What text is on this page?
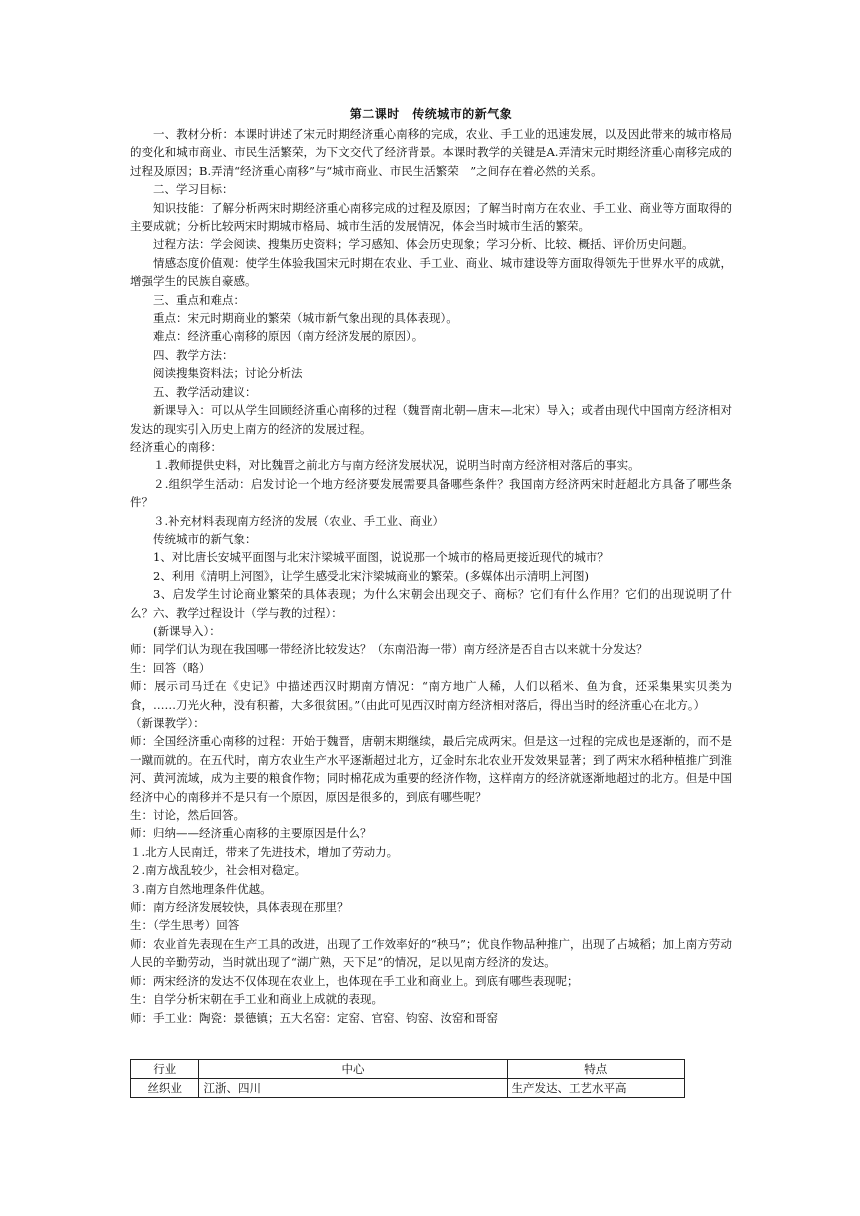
第二课时　传统城市的新气象

一、教材分析：本课时讲述了宋元时期经济重心南移的完成，农业、手工业的迅速发展，以及因此带来的城市格局的变化和城市商业、市民生活繁荣，为下文交代了经济背景。本课时教学的关键是A.弄清宋元时期经济重心南移完成的过程及原因；B.弄清“经济重心南移”与“城市商业、市民生活繁荣　”之间存在着必然的关系。

二、学习目标：

知识技能：了解分析两宋时期经济重心南移完成的过程及原因；了解当时南方在农业、手工业、商业等方面取得的主要成就；分析比较两宋时期城市格局、城市生活的发展情况，体会当时城市生活的繁荣。

过程方法：学会阅读、搜集历史资料；学习感知、体会历史现象；学习分析、比较、概括、评价历史问题。

情感态度价值观：使学生体验我国宋元时期在农业、手工业、商业、城市建设等方面取得领先于世界水平的成就，增强学生的民族自豪感。

三、重点和难点：

重点：宋元时期商业的繁荣（城市新气象出现的具体表现）。

难点：经济重心南移的原因（南方经济发展的原因）。

四、教学方法：

阅读搜集资料法；讨论分析法

五、教学活动建议：

新课导入：可以从学生回顾经济重心南移的过程（魏晋南北朝—唐末—北宋）导入；或者由现代中国南方经济相对发达的现实引入历史上南方的经济的发展过程。

经济重心的南移：

１.教师提供史料，对比魏晋之前北方与南方经济发展状况，说明当时南方经济相对落后的事实。

２.组织学生活动：启发讨论一个地方经济要发展需要具备哪些条件？我国南方经济两宋时赶超北方具备了哪些条件？

３.补充材料表现南方经济的发展（农业、手工业、商业）

传统城市的新气象：

1、对比唐长安城平面图与北宋汴梁城平面图，说说那一个城市的格局更接近现代的城市？

2、利用《清明上河图》，让学生感受北宋汴梁城商业的繁荣。(多媒体出示清明上河图)

3、启发学生讨论商业繁荣的具体表现；为什么宋朝会出现交子、商标？它们有什么作用？它们的出现说明了什么？六、教学过程设计（学与教的过程）：

(新课导入）：

师：同学们认为现在我国哪一带经济比较发达？（东南沿海一带）南方经济是否自古以来就十分发达？

生：回答（略）

师：展示司马迁在《史记》中描述西汉时期南方情况：“南方地广人稀，人们以稻米、鱼为食，还采集果实贝类为食，……刀光火种，没有积蓄，大多很贫困。”（由此可见西汉时南方经济相对落后，得出当时的经济重心在北方。）

（新课教学）：

师：全国经济重心南移的过程：开始于魏晋，唐朝末期继续，最后完成两宋。但是这一过程的完成也是逐渐的，而不是一蹴而就的。在五代时，南方农业生产水平逐渐超过北方，辽金时东北农业开发效果显著；到了两宋水稻种植推广到淮河、黄河流域，成为主要的粮食作物；同时棉花成为重要的经济作物，这样南方的经济就逐渐地超过的北方。但是中国经济中心的南移并不是只有一个原因，原因是很多的，到底有哪些呢？

生：讨论，然后回答。

师：归纳——经济重心南移的主要原因是什么？

１.北方人民南迁，带来了先进技术，增加了劳动力。

２.南方战乱较少，社会相对稳定。

３.南方自然地理条件优越。

师：南方经济发展较快，具体表现在那里？

生：（学生思考）回答

师：农业首先表现在生产工具的改进，出现了工作效率好的“秧马”；优良作物品种推广，出现了占城稻；加上南方劳动人民的辛勤劳动，当时就出现了“湖广熟，天下足”的情况，足以见南方经济的发达。

师：两宋经济的发达不仅体现在农业上，也体现在手工业和商业上。到底有哪些表现呢；

生：自学分析宋朝在手工业和商业上成就的表现。

师：手工业：陶瓷：景德镇；五大名窑：定窑、官窑、钧窑、汝窑和哥窑

行业	中心	特点
丝织业	江浙、四川	生产发达、工艺水平高
